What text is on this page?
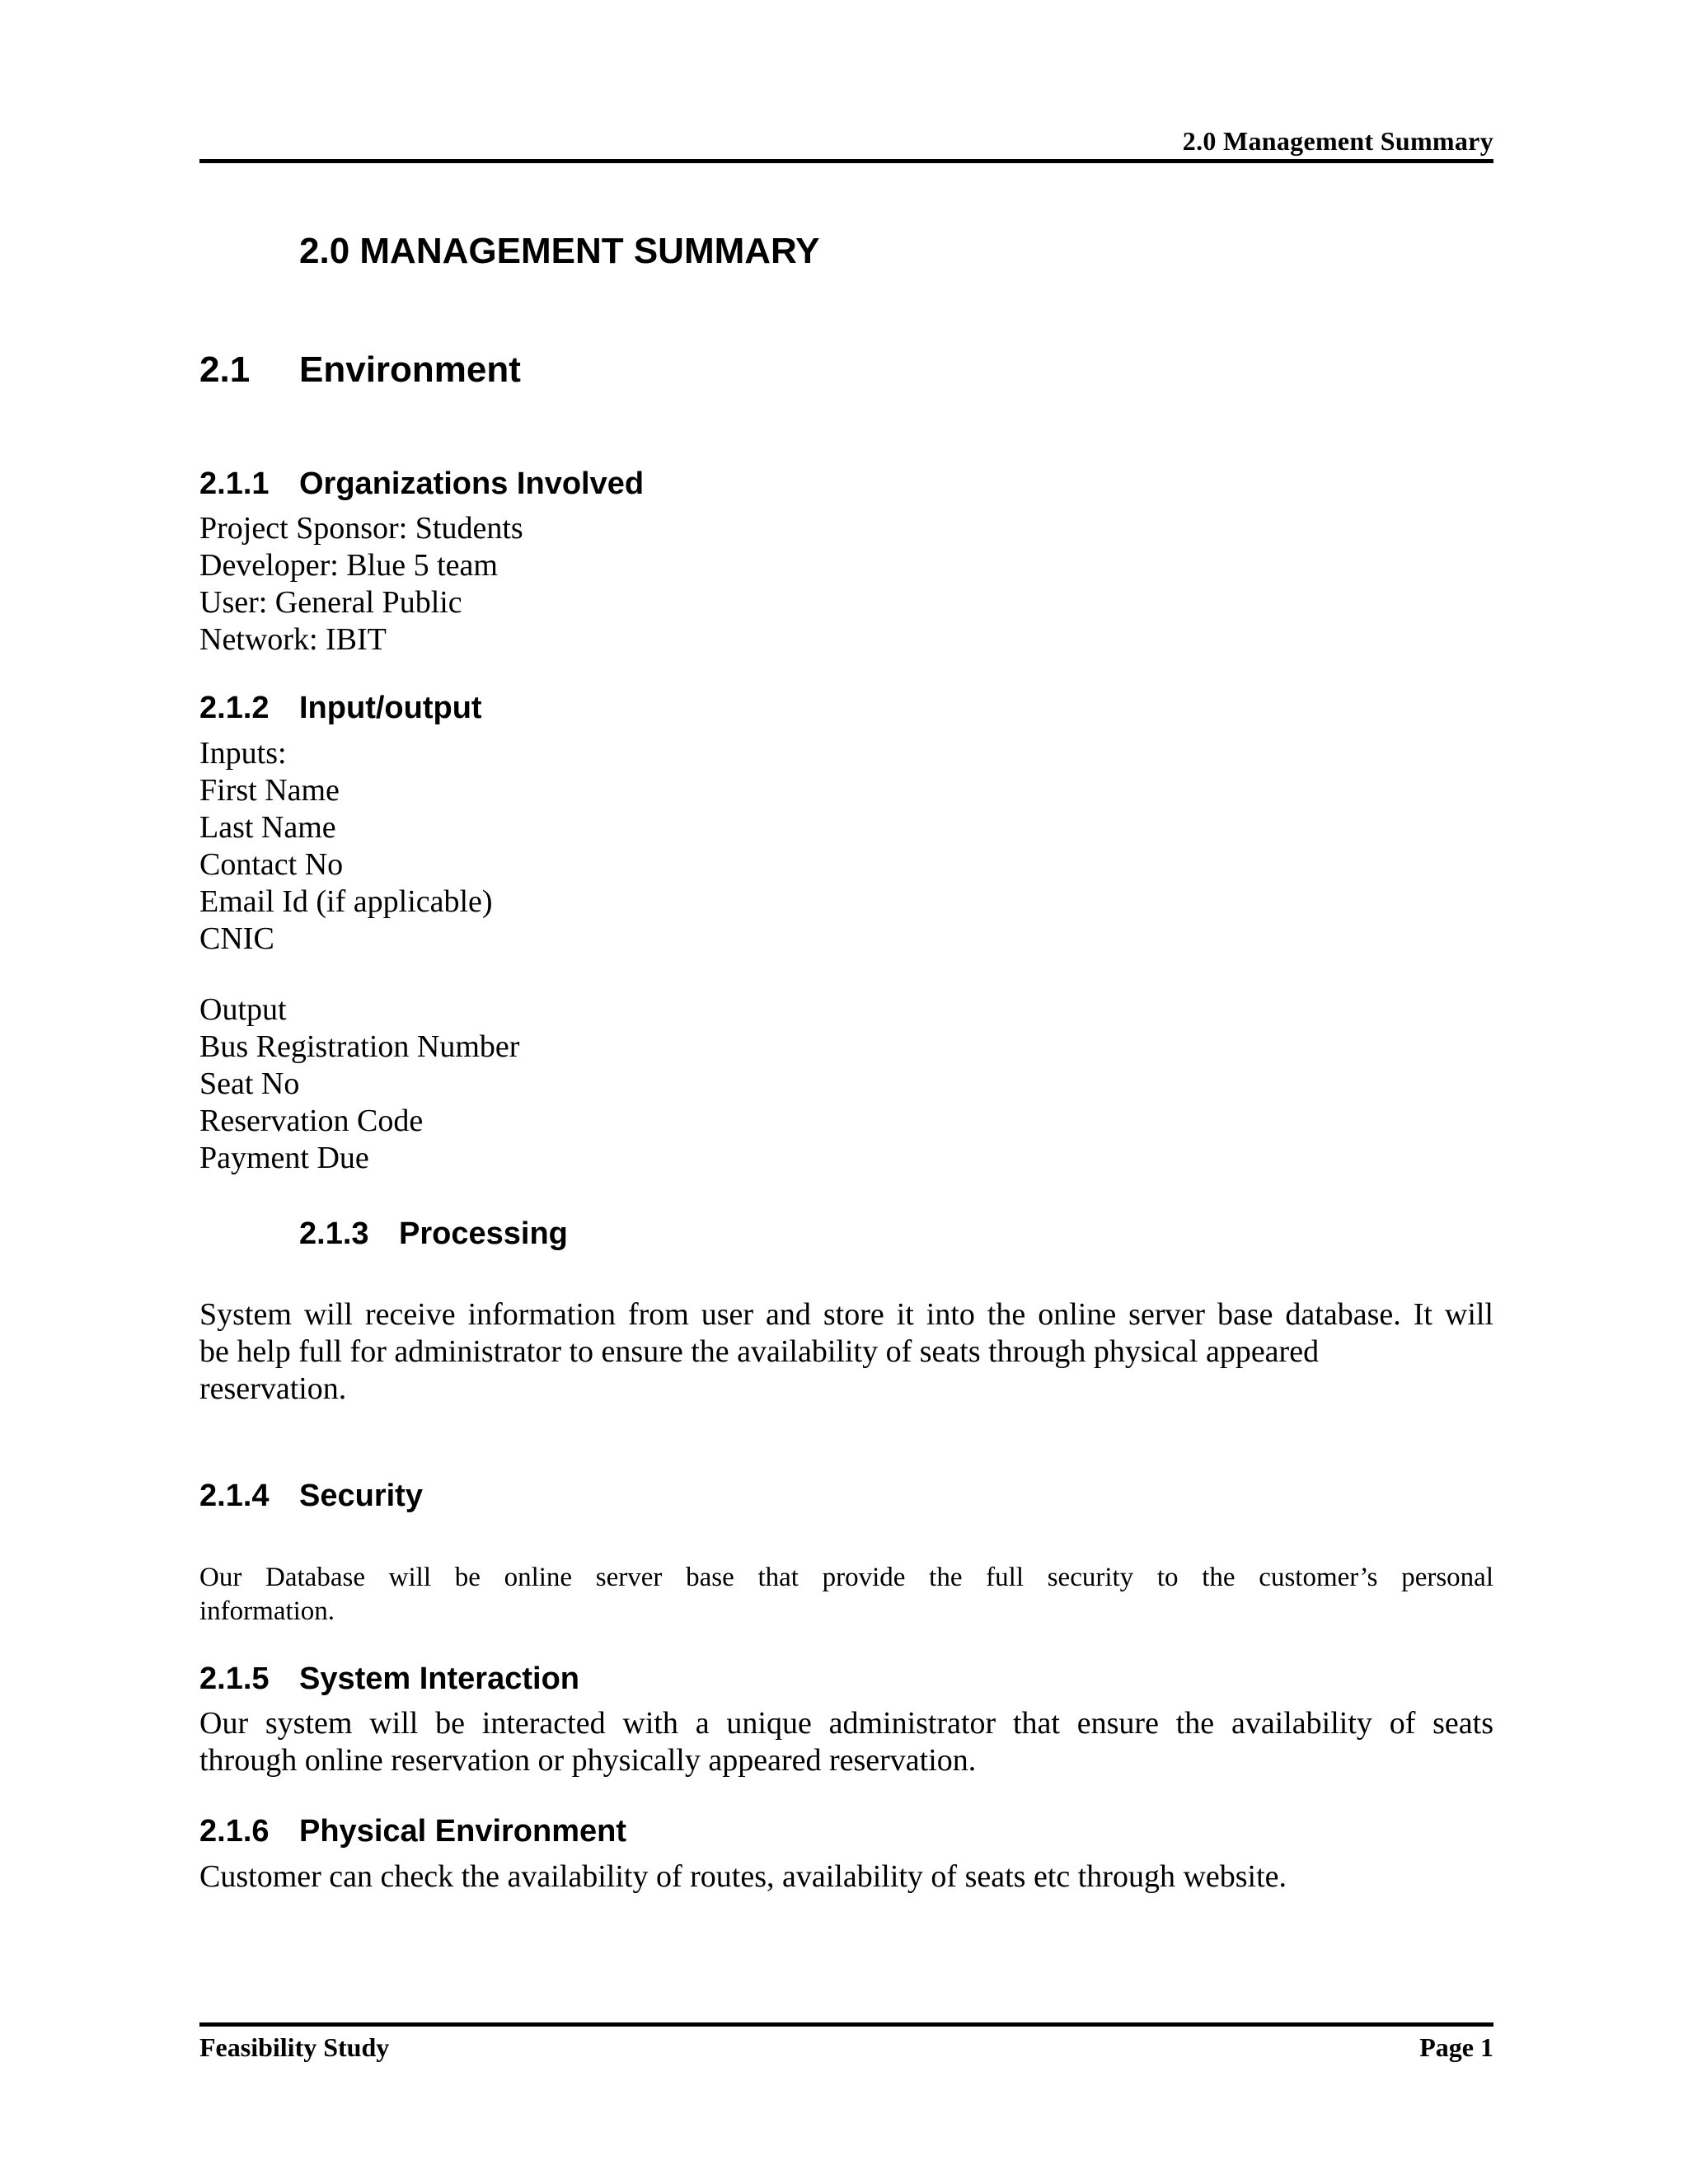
2.0 Management Summary
2.0 MANAGEMENT SUMMARY
2.1 Environment
2.1.1 Organizations Involved
Project Sponsor: Students
Developer: Blue 5 team
User: General Public
Network: IBIT
2.1.2 Input/output
Inputs:
First Name
Last Name
Contact No
Email Id (if applicable)
CNIC
Output
Bus Registration Number
Seat No
Reservation Code
Payment Due
2.1.3 Processing

System will receive information from user and store it into the online server base database. It will
be help full for administrator to ensure the availability of seats through physical appeared
reservation.

2.1.4 Security

Our Database will be online server base that provide the full security to the customer’s personal
information.

2.1.5 System Interaction

Our system will be interacted with a unique administrator that ensure the availability of seats
through online reservation or physically appeared reservation.

2.1.6 Physical Environment

Customer can check the availability of routes, availability of seats etc through website.

Feasibility Study	Page 1
